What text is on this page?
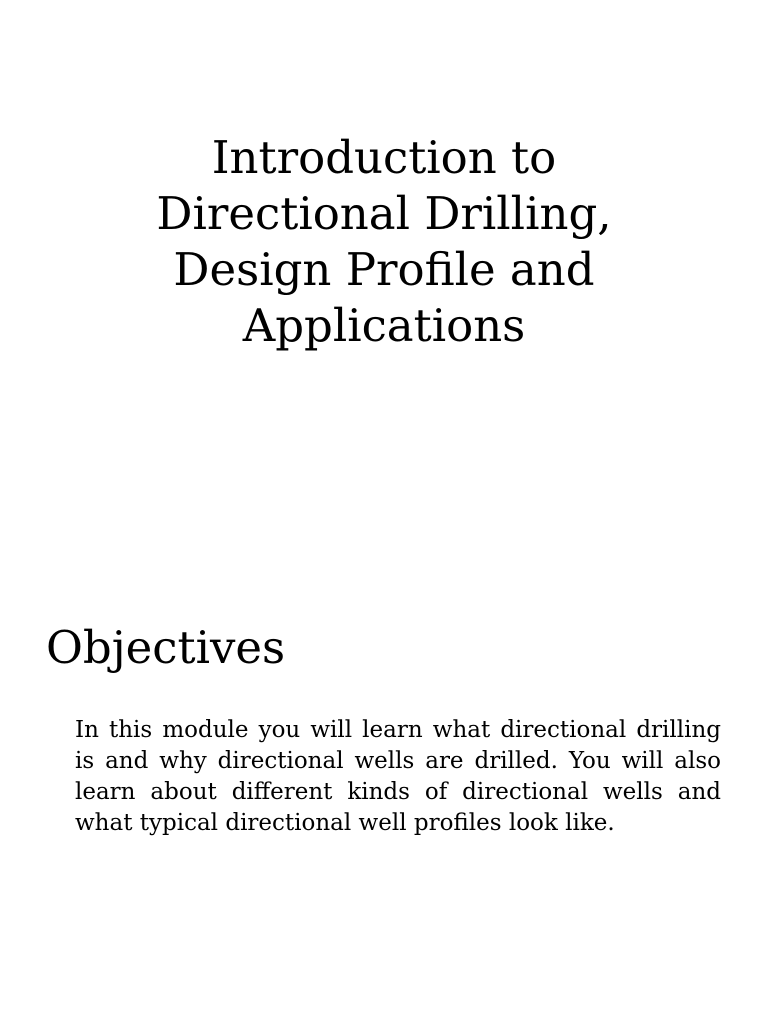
Introduction to Directional Drilling, Design Profile and Applications
Objectives

In this module you will learn what directional drilling is and why directional wells are drilled. You will also learn about different kinds of directional wells and what typical directional well profiles look like.
